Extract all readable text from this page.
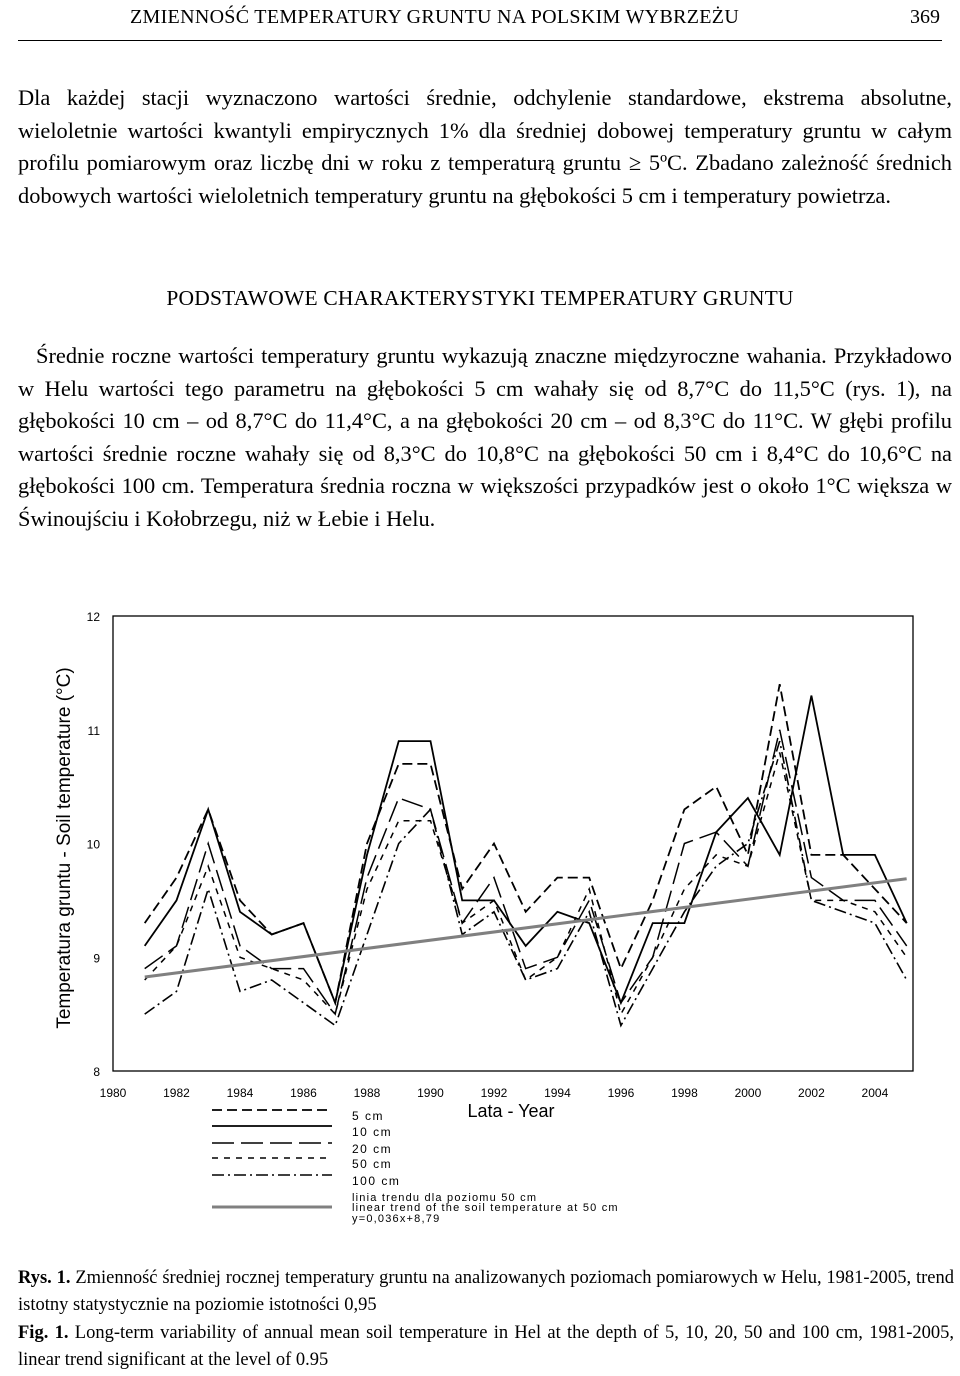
ZMIENNOŚĆ TEMPERATURY GRUNTU NA POLSKIM WYBRZEŻU	369

Dla każdej stacji wyznaczono wartości średnie, odchylenie standardowe, ekstrema absolutne, wieloletnie wartości kwantyli empirycznych 1% dla średniej dobowej temperatury gruntu w całym profilu pomiarowym oraz liczbę dni w roku z temperaturą gruntu ≥ 5ºC. Zbadano zależność średnich dobowych wartości wieloletnich temperatury gruntu na głębokości 5 cm i temperatury powietrza.

PODSTAWOWE CHARAKTERYSTYKI TEMPERATURY GRUNTU

Średnie roczne wartości temperatury gruntu wykazują znaczne międzyroczne wahania. Przykładowo w Helu wartości tego parametru na głębokości 5 cm wahały się od 8,7°C do 11,5°C (rys. 1), na głębokości 10 cm – od 8,7°C do 11,4°C, a na głębokości 20 cm – od 8,3°C do 11°C. W głębi profilu wartości średnie roczne wahały się od 8,3°C do 10,8°C na głębokości 50 cm i 8,4°C do 10,6°C na głębokości 100 cm. Temperatura średnia roczna w większości przypadków jest o około 1°C większa w Świnoujściu i Kołobrzegu, niż w Łebie i Helu.

8
9
10
11
12
1980	1982	1984	1986	1988	1990	1992	1994	1996	1998	2000	2002	2004
Temperatura gruntu - Soil temperature (°C)
Lata - Year
5 cm
10 cm
20 cm
50 cm
100 cm
linia trendu dla poziomu 50 cm
linear trend of the soil temperature at 50 cm
y=0,036x+8,79

Rys. 1. Zmienność średniej rocznej temperatury gruntu na analizowanych poziomach pomiarowych w Helu, 1981-2005, trend istotny statystycznie na poziomie istotności 0,95

Fig. 1. Long-term variability of annual mean soil temperature in Hel at the depth of 5, 10, 20, 50 and 100 cm, 1981-2005, linear trend significant at the level of 0.95
